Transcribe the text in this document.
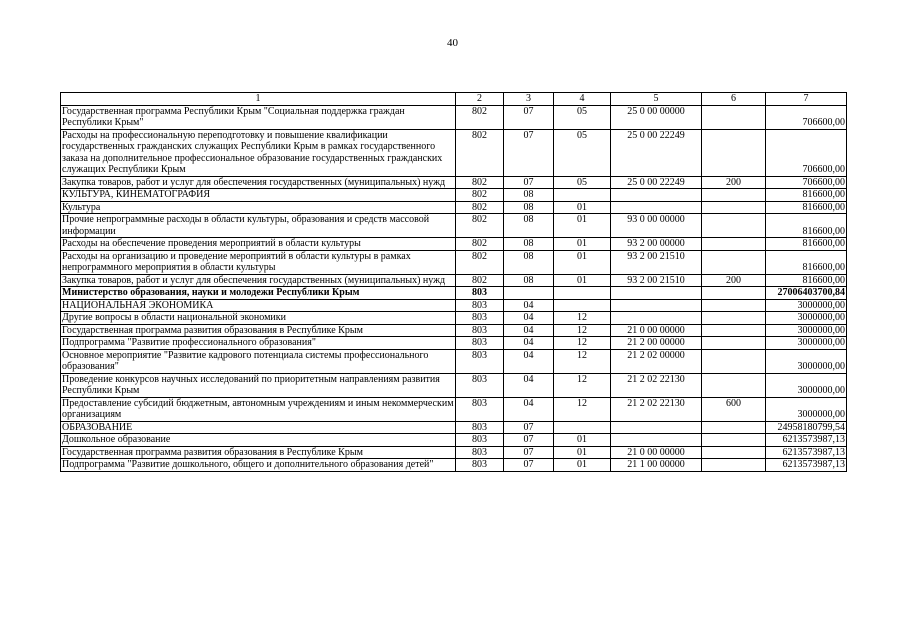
40
1	2	3	4	5	6	7
Государственная программа Республики Крым "Социальная поддержка граждан Республики Крым"	802	07	05	25 0 00 00000		706600,00
Расходы на профессиональную переподготовку и повышение квалификации государственных гражданских служащих Республики Крым в рамках государственного заказа на дополнительное профессиональное образование государственных гражданских служащих Республики Крым	802	07	05	25 0 00 22249		706600,00
Закупка товаров, работ и услуг для обеспечения государственных (муниципальных) нужд	802	07	05	25 0 00 22249	200	706600,00
КУЛЬТУРА, КИНЕМАТОГРАФИЯ	802	08				816600,00
Культура	802	08	01			816600,00
Прочие непрограммные расходы в области культуры, образования и средств массовой информации	802	08	01	93 0 00 00000		816600,00
Расходы на обеспечение проведения мероприятий в области культуры	802	08	01	93 2 00 00000		816600,00
Расходы на организацию и проведение мероприятий в области культуры в рамках непрограммного мероприятия в области культуры	802	08	01	93 2 00 21510		816600,00
Закупка товаров, работ и услуг для обеспечения государственных (муниципальных) нужд	802	08	01	93 2 00 21510	200	816600,00
Министерство образования, науки и молодежи Республики Крым	803					27006403700,84
НАЦИОНАЛЬНАЯ ЭКОНОМИКА	803	04				3000000,00
Другие вопросы в области национальной экономики	803	04	12			3000000,00
Государственная программа развития образования в Республике Крым	803	04	12	21 0 00 00000		3000000,00
Подпрограмма "Развитие профессионального образования"	803	04	12	21 2 00 00000		3000000,00
Основное мероприятие "Развитие кадрового потенциала системы профессионального образования"	803	04	12	21 2 02 00000		3000000,00
Проведение конкурсов научных исследований по приоритетным направлениям развития Республики Крым	803	04	12	21 2 02 22130		3000000,00
Предоставление субсидий бюджетным, автономным учреждениям и иным некоммерческим организациям	803	04	12	21 2 02 22130	600	3000000,00
ОБРАЗОВАНИЕ	803	07				24958180799,54
Дошкольное образование	803	07	01			6213573987,13
Государственная программа развития образования в Республике Крым	803	07	01	21 0 00 00000		6213573987,13
Подпрограмма "Развитие дошкольного, общего и дополнительного образования детей"	803	07	01	21 1 00 00000		6213573987,13
